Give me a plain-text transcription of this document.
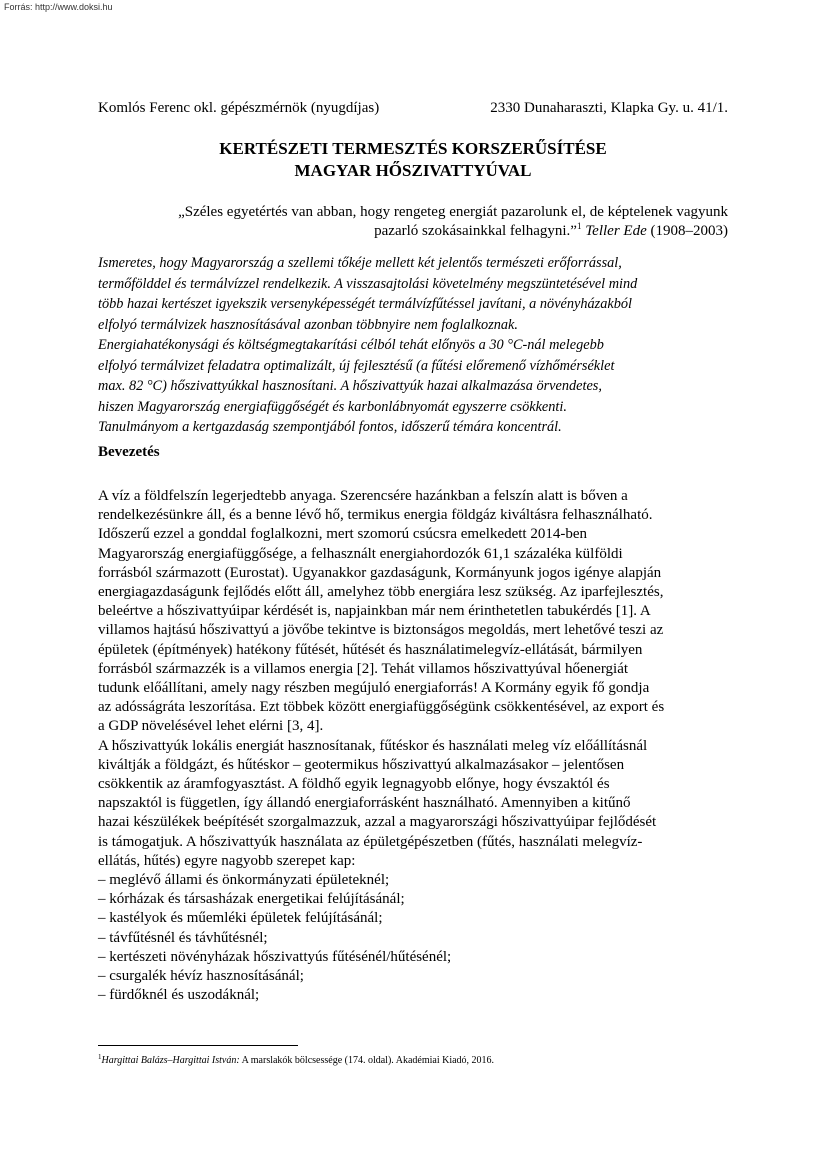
Forrás: http://www.doksi.hu
Komlós Ferenc okl. gépészmérnök (nyugdíjas)	2330 Dunaharaszti, Klapka Gy. u. 41/1.
KERTÉSZETI TERMESZTÉS KORSZERŰSÍTÉSE
MAGYAR HŐSZIVATTYÚVAL
„Széles egyetértés van abban, hogy rengeteg energiát pazarolunk el, de képtelenek vagyunk
pazarló szokásainkkal felhagyni.”$^1$ Teller Ede (1908‒2003)
Ismeretes, hogy Magyarország a szellemi tőkéje mellett két jelentős természeti erőforrással,
termőfölddel és termálvízzel rendelkezik. A visszasajtolási követelmény megszüntetésével mind
több hazai kertészet igyekszik versenyképességét termálvízfűtéssel javítani, a növényházakból
elfolyó termálvizek hasznosításával azonban többnyire nem foglalkoznak.
Energiahatékonysági és költségmegtakarítási célból tehát előnyös a 30 °C-nál melegebb
elfolyó termálvizet feladatra optimalizált, új fejlesztésű (a fűtési előremenő vízhőmérséklet
max. 82 °C) hőszivattyúkkal hasznosítani. A hőszivattyúk hazai alkalmazása örvendetes,
hiszen Magyarország energiafüggőségét és karbonlábnyomát egyszerre csökkenti.
Tanulmányom a kertgazdaság szempontjából fontos, időszerű témára koncentrál.
Bevezetés
A víz a földfelszín legerjedtebb anyaga. Szerencsére hazánkban a felszín alatt is bőven a
rendelkezésünkre áll, és a benne lévő hő, termikus energia földgáz kiváltásra felhasználható.
Időszerű ezzel a gonddal foglalkozni, mert szomorú csúcsra emelkedett 2014-ben
Magyarország energiafüggősége, a felhasznált energiahordozók 61,1 százaléka külföldi
forrásból származott (Eurostat). Ugyanakkor gazdaságunk, Kormányunk jogos igénye alapján
energiagazdaságunk fejlődés előtt áll, amelyhez több energiára lesz szükség. Az iparfejlesztés,
beleértve a hőszivattyúipar kérdését is, napjainkban már nem érinthetetlen tabukérdés [1]. A
villamos hajtású hőszivattyú a jövőbe tekintve is biztonságos megoldás, mert lehetővé teszi az
épületek (építmények) hatékony fűtését, hűtését és használatimelegvíz-ellátását, bármilyen
forrásból származzék is a villamos energia [2]. Tehát villamos hőszivattyúval hőenergiát
tudunk előállítani, amely nagy részben megújuló energiaforrás! A Kormány egyik fő gondja
az adósságráta leszorítása. Ezt többek között energiafüggőségünk csökkentésével, az export és
a GDP növelésével lehet elérni [3, 4].
A hőszivattyúk lokális energiát hasznosítanak, fűtéskor és használati meleg víz előállításnál
kiváltják a földgázt, és hűtéskor ‒ geotermikus hőszivattyú alkalmazásakor ‒ jelentősen
csökkentik az áramfogyasztást. A földhő egyik legnagyobb előnye, hogy évszaktól és
napszaktól is független, így állandó energiaforrásként használható. Amennyiben a kitűnő
hazai készülékek beépítését szorgalmazzuk, azzal a magyarországi hőszivattyúipar fejlődését
is támogatjuk. A hőszivattyúk használata az épületgépészetben (fűtés, használati melegvíz-
ellátás, hűtés) egyre nagyobb szerepet kap:
– meglévő állami és önkormányzati épületeknél;
– kórházak és társasházak energetikai felújításánál;
– kastélyok és műemléki épületek felújításánál;
– távfűtésnél és távhűtésnél;
– kertészeti növényházak hőszivattyús fűtésénél/hűtésénél;
– csurgalék hévíz hasznosításánál;
– fürdőknél és uszodáknál;
$^1$Hargittai Balázs‒Hargittai István: A marslakók bölcsessége (174. oldal). Akadémiai Kiadó, 2016.
